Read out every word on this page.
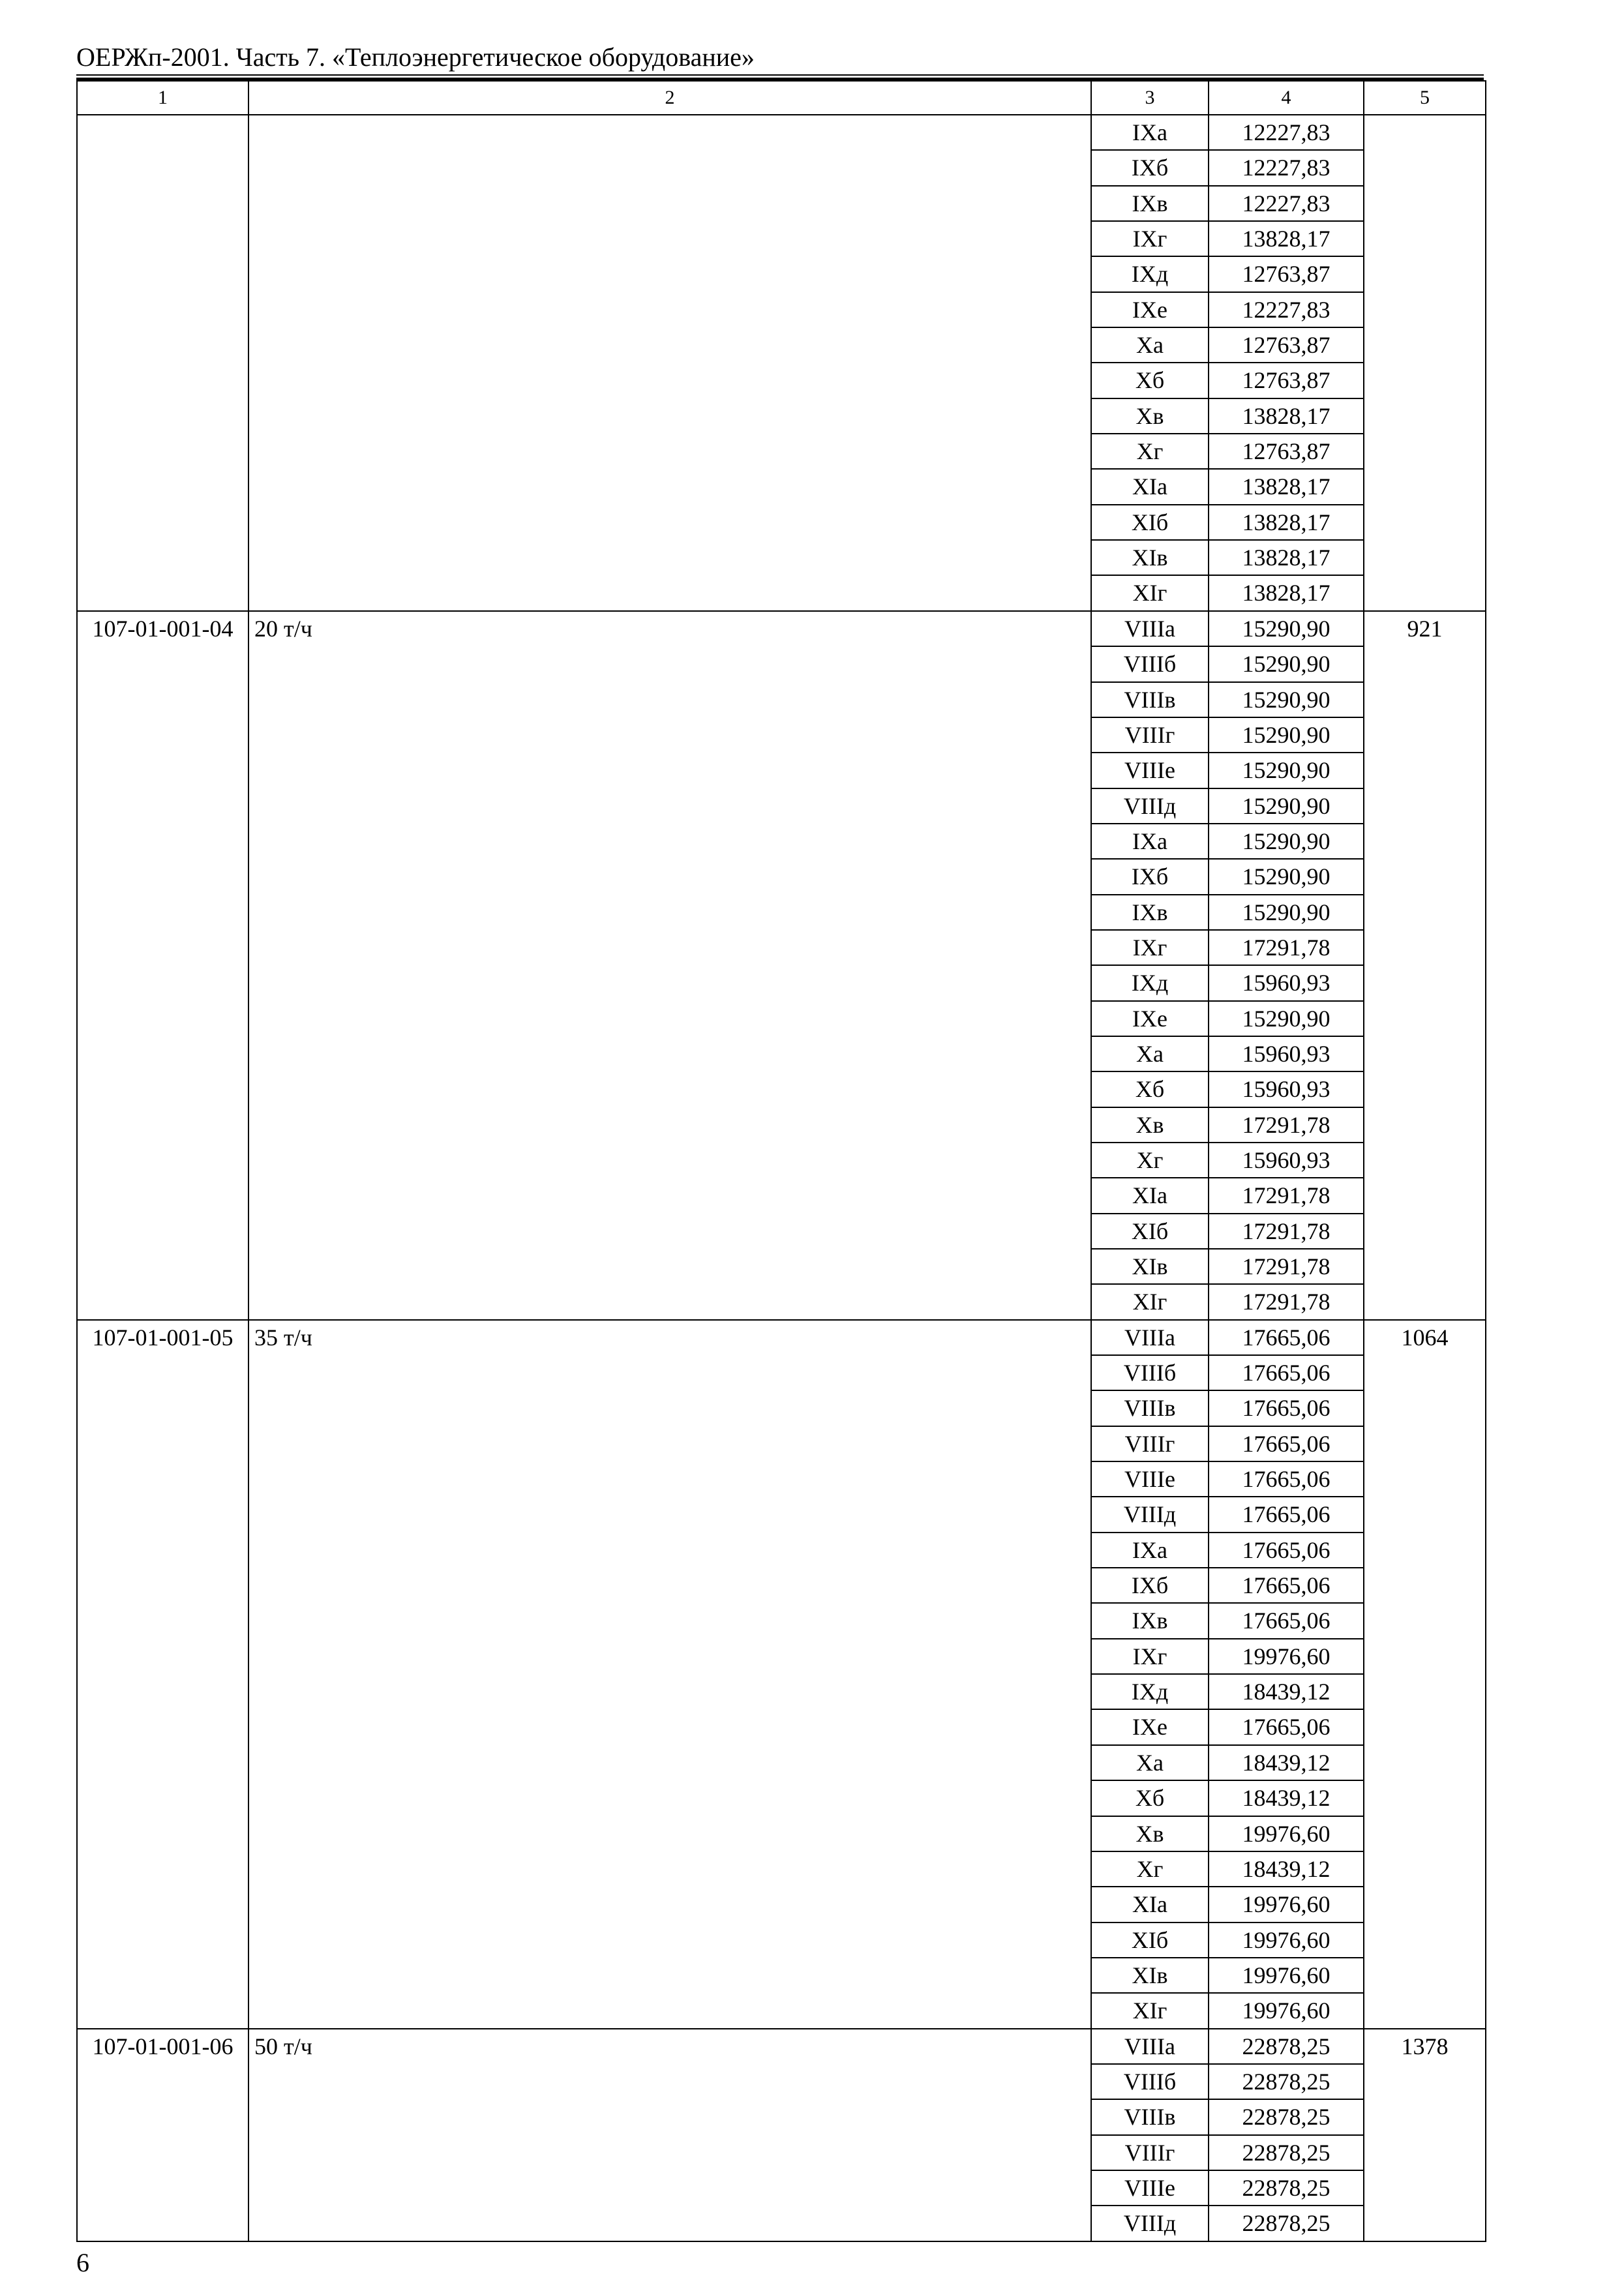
ОЕРЖп-2001. Часть 7. «Теплоэнергетическое оборудование»
1	2	3	4	5
		IXa	12227,83	
		IXб	12227,83	
		IXв	12227,83	
		IXг	13828,17	
		IXд	12763,87	
		IXe	12227,83	
		Xa	12763,87	
		Xб	12763,87	
		Xв	13828,17	
		Xг	12763,87	
		XIa	13828,17	
		XIб	13828,17	
		XIв	13828,17	
		XIг	13828,17	
107-01-001-04	20 т/ч	VIIIa	15290,90	921
		VIIIб	15290,90	
		VIIIв	15290,90	
		VIIIг	15290,90	
		VIIIe	15290,90	
		VIIIд	15290,90	
		IXa	15290,90	
		IXб	15290,90	
		IXв	15290,90	
		IXг	17291,78	
		IXд	15960,93	
		IXe	15290,90	
		Xa	15960,93	
		Xб	15960,93	
		Xв	17291,78	
		Xг	15960,93	
		XIa	17291,78	
		XIб	17291,78	
		XIв	17291,78	
		XIг	17291,78	
107-01-001-05	35 т/ч	VIIIa	17665,06	1064
		VIIIб	17665,06	
		VIIIв	17665,06	
		VIIIг	17665,06	
		VIIIe	17665,06	
		VIIIд	17665,06	
		IXa	17665,06	
		IXб	17665,06	
		IXв	17665,06	
		IXг	19976,60	
		IXд	18439,12	
		IXe	17665,06	
		Xa	18439,12	
		Xб	18439,12	
		Xв	19976,60	
		Xг	18439,12	
		XIa	19976,60	
		XIб	19976,60	
		XIв	19976,60	
		XIг	19976,60	
107-01-001-06	50 т/ч	VIIIa	22878,25	1378
		VIIIб	22878,25	
		VIIIв	22878,25	
		VIIIг	22878,25	
		VIIIe	22878,25	
		VIIIд	22878,25	
6
